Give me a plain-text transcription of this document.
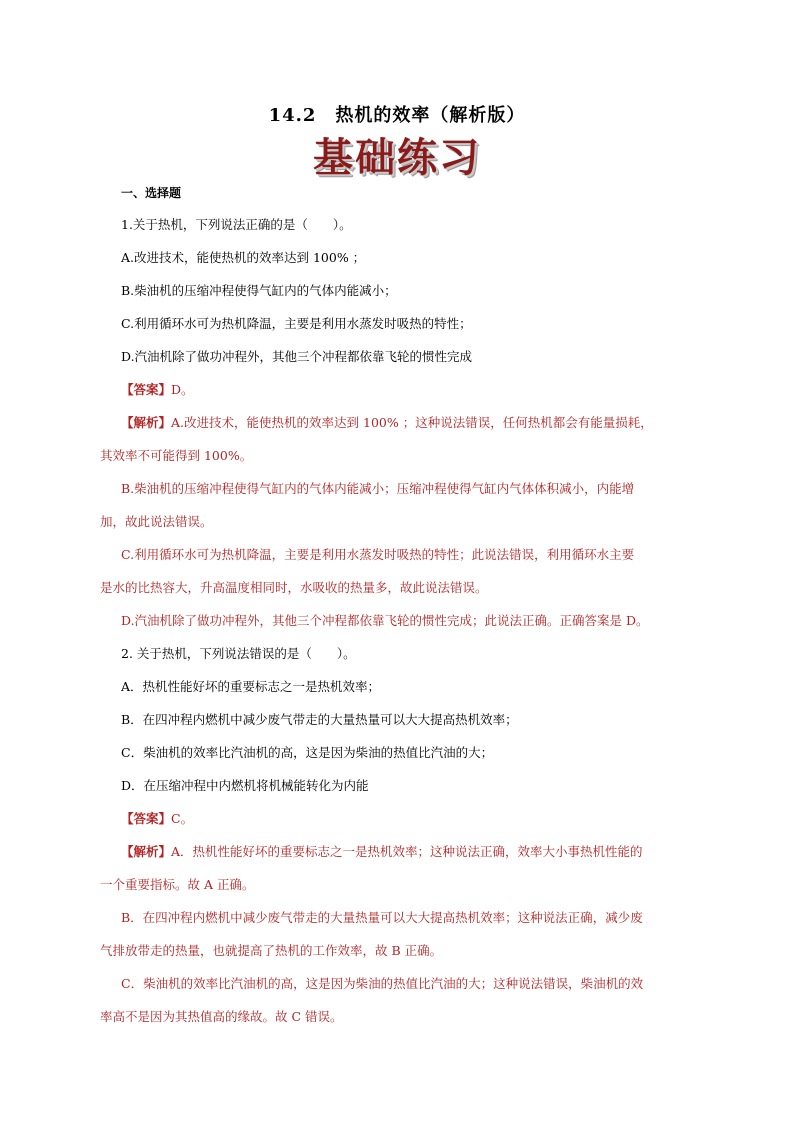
14.2　热机的效率（解析版）
基础练习
一、选择题

1.关于热机，下列说法正确的是（　　）。

A.改进技术，能使热机的效率达到 100% ；

B.柴油机的压缩冲程使得气缸内的气体内能减小；

C.利用循环水可为热机降温，主要是利用水蒸发时吸热的特性；

D.汽油机除了做功冲程外，其他三个冲程都依靠飞轮的惯性完成

【答案】D。

【解析】A.改进技术，能使热机的效率达到 100% ；这种说法错误，任何热机都会有能量损耗，

其效率不可能得到 100%。

B.柴油机的压缩冲程使得气缸内的气体内能减小；压缩冲程使得气缸内气体体积减小，内能增

加，故此说法错误。

C.利用循环水可为热机降温，主要是利用水蒸发时吸热的特性；此说法错误，利用循环水主要

是水的比热容大，升高温度相同时，水吸收的热量多，故此说法错误。

D.汽油机除了做功冲程外，其他三个冲程都依靠飞轮的惯性完成；此说法正确。正确答案是 D。

2. 关于热机，下列说法错误的是（　　）。

A．热机性能好坏的重要标志之一是热机效率；

B．在四冲程内燃机中减少废气带走的大量热量可以大大提高热机效率；

C．柴油机的效率比汽油机的高，这是因为柴油的热值比汽油的大；

D．在压缩冲程中内燃机将机械能转化为内能

【答案】C。

【解析】A．热机性能好坏的重要标志之一是热机效率；这种说法正确，效率大小事热机性能的

一个重要指标。故 A 正确。

B．在四冲程内燃机中减少废气带走的大量热量可以大大提高热机效率；这种说法正确，减少废

气排放带走的热量，也就提高了热机的工作效率，故 B 正确。

C．柴油机的效率比汽油机的高，这是因为柴油的热值比汽油的大；这种说法错误，柴油机的效

率高不是因为其热值高的缘故。故 C 错误。
